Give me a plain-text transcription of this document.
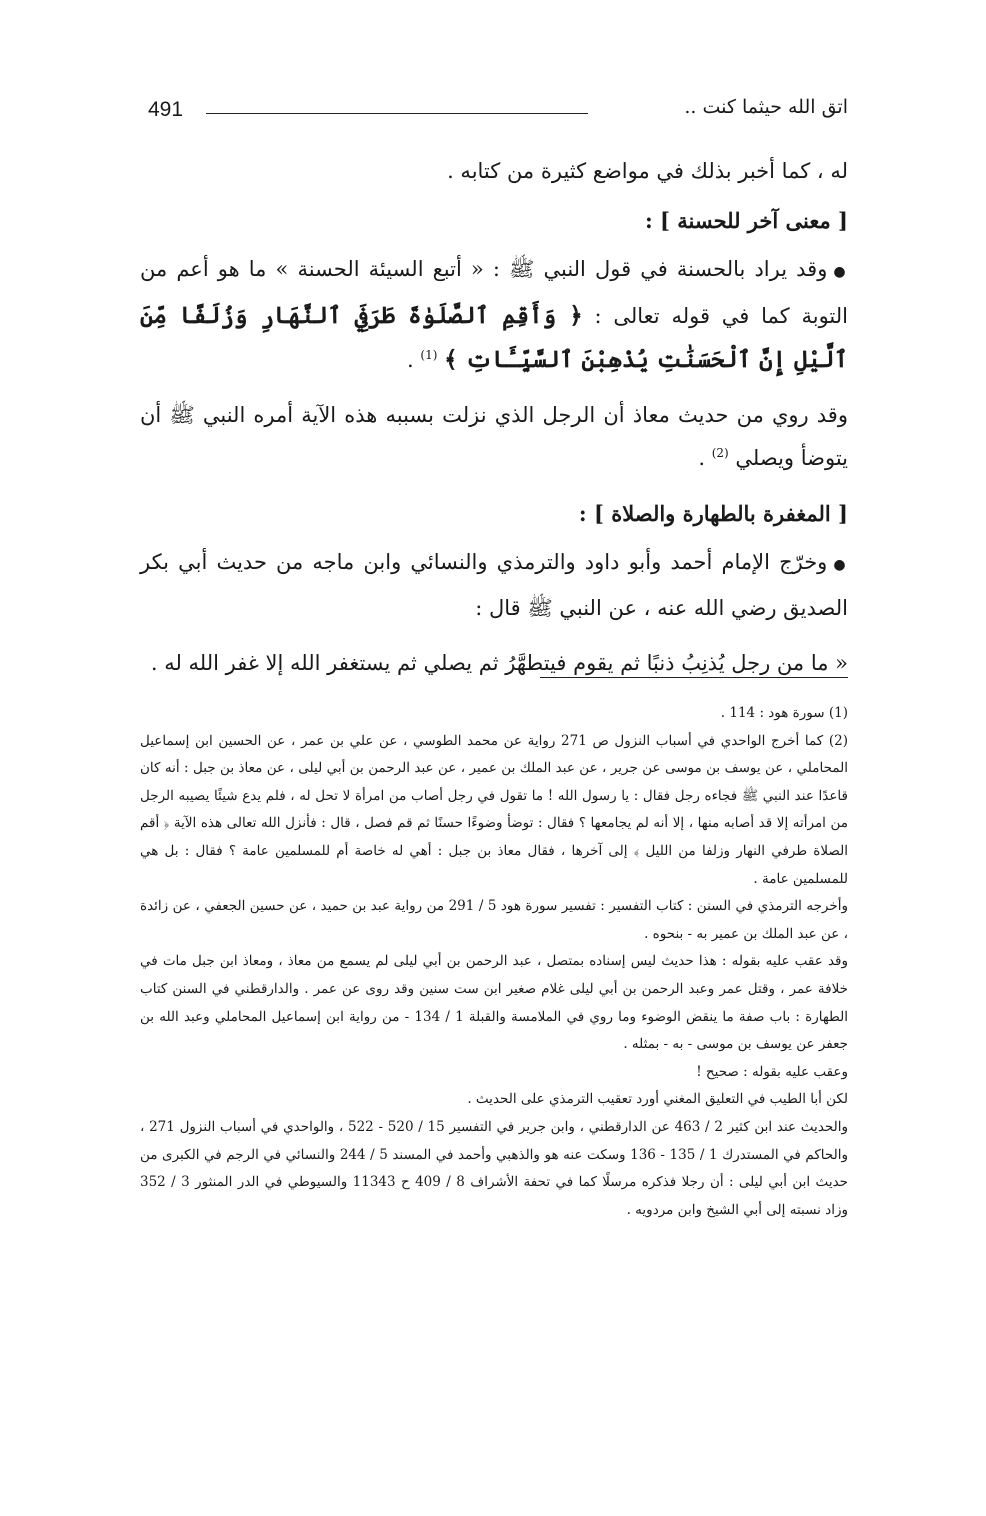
491	اتق الله حيثما كنت ..

له ، كما أخبر بذلك في مواضع كثيرة من كتابه .

[ معنى آخر للحسنة ] :

●وقد يراد بالحسنة في قول النبي ﷺ : « أتبع السيئة الحسنة » ما هو أعم من التوبة كما في قوله تعالى : ﴿ وَأَقِمِ ٱلصَّلَوٰةَ طَرَفَيِ ٱلنَّهَارِ وَزُلَفًا مِّنَ ٱلَّيْلِ إِنَّ ٱلْحَسَنَٰتِ يُذْهِبْنَ ٱلسَّيِّـَٔاتِ ﴾ $^{(1)}$ .

وقد روي من حديث معاذ أن الرجل الذي نزلت بسببه هذه الآية أمره النبي ﷺ أن يتوضأ ويصلي $^{(2)}$ .

[ المغفرة بالطهارة والصلاة ] :

●وخرّج الإمام أحمد وأبو داود والترمذي والنسائي وابن ماجه من حديث أبي بكر الصديق رضي الله عنه ، عن النبي ﷺ قال :

« ما من رجل يُذنِبُ ذنبًا ثم يقوم فيتطهَّرُ ثم يصلي ثم يستغفر الله إلا غفر الله له .

(1) سورة هود : 114 .

(2) كما أخرج الواحدي في أسباب النزول ص 271 رواية عن محمد الطوسي ، عن علي بن عمر ، عن الحسين ابن إسماعيل المحاملي ، عن يوسف بن موسى عن جرير ، عن عبد الملك بن عمير ، عن عبد الرحمن بن أبي ليلى ، عن معاذ بن جبل : أنه كان قاعدًا عند النبي ﷺ فجاءه رجل فقال : يا رسول الله ! ما تقول في رجل أصاب من امرأة لا تحل له ، فلم يدع شيئًا يصيبه الرجل من امرأته إلا قد أصابه منها ، إلا أنه لم يجامعها ؟ فقال : توضأ وضوءًا حسنًا ثم قم فصل ، قال : فأنزل الله تعالى هذه الآية ﴿ أقم الصلاة طرفي النهار وزلفا من الليل ﴾ إلى آخرها ، فقال معاذ بن جبل : أهي له خاصة أم للمسلمين عامة ؟ فقال : بل هي للمسلمين عامة .

وأخرجه الترمذي في السنن : كتاب التفسير : تفسير سورة هود 5 / 291 من رواية عبد بن حميد ، عن حسين الجعفي ، عن زائدة ، عن عبد الملك بن عمير به - بنحوه .

وقد عقب عليه بقوله : هذا حديث ليس إسناده بمتصل ، عبد الرحمن بن أبي ليلى لم يسمع من معاذ ، ومعاذ ابن جبل مات في خلافة عمر ، وقتل عمر وعبد الرحمن بن أبي ليلى غلام صغير ابن ست سنين وقد روى عن عمر . والدارقطني في السنن كتاب الطهارة : باب صفة ما ينقض الوضوء وما روي في الملامسة والقبلة 1 / 134 - من رواية ابن إسماعيل المحاملي وعبد الله بن جعفر عن يوسف بن موسى - به - بمثله .

وعقب عليه بقوله : صحيح !

لكن أبا الطيب في التعليق المغني أورد تعقيب الترمذي على الحديث .

والحديث عند ابن كثير 2 / 463 عن الدارقطني ، وابن جرير في التفسير 15 / 520 - 522 ، والواحدي في أسباب النزول 271 ، والحاكم في المستدرك 1 / 135 - 136 وسكت عنه هو والذهبي وأحمد في المسند 5 / 244 والنسائي في الرجم في الكبرى من حديث ابن أبي ليلى : أن رجلا فذكره مرسلًا كما في تحفة الأشراف 8 / 409 ح 11343 والسيوطي في الدر المنثور 3 / 352 وزاد نسبته إلى أبي الشيخ وابن مردويه .
